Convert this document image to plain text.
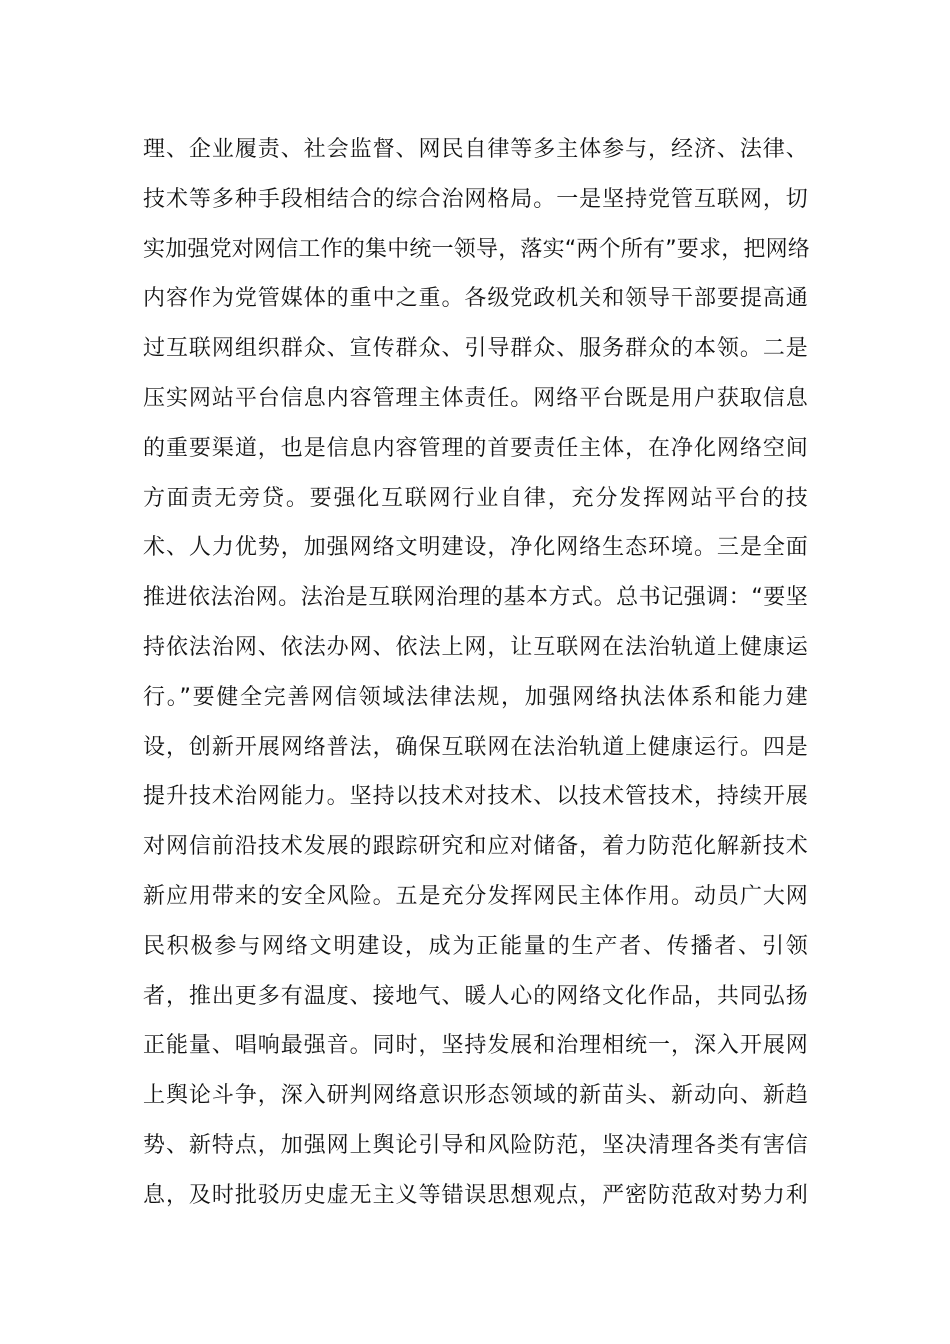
理、企业履责、社会监督、网民自律等多主体参与，经济、法律、
技术等多种手段相结合的综合治网格局。一是坚持党管互联网，切
实加强党对网信工作的集中统一领导，落实“两个所有”要求，把网络
内容作为党管媒体的重中之重。各级党政机关和领导干部要提高通
过互联网组织群众、宣传群众、引导群众、服务群众的本领。二是
压实网站平台信息内容管理主体责任。网络平台既是用户获取信息
的重要渠道，也是信息内容管理的首要责任主体，在净化网络空间
方面责无旁贷。要强化互联网行业自律，充分发挥网站平台的技
术、人力优势，加强网络文明建设，净化网络生态环境。三是全面
推进依法治网。法治是互联网治理的基本方式。总书记强调：“要坚
持依法治网、依法办网、依法上网，让互联网在法治轨道上健康运
行。”要健全完善网信领域法律法规，加强网络执法体系和能力建
设，创新开展网络普法，确保互联网在法治轨道上健康运行。四是
提升技术治网能力。坚持以技术对技术、以技术管技术，持续开展
对网信前沿技术发展的跟踪研究和应对储备，着力防范化解新技术
新应用带来的安全风险。五是充分发挥网民主体作用。动员广大网
民积极参与网络文明建设，成为正能量的生产者、传播者、引领
者，推出更多有温度、接地气、暖人心的网络文化作品，共同弘扬
正能量、唱响最强音。同时，坚持发展和治理相统一，深入开展网
上舆论斗争，深入研判网络意识形态领域的新苗头、新动向、新趋
势、新特点，加强网上舆论引导和风险防范，坚决清理各类有害信
息，及时批驳历史虚无主义等错误思想观点，严密防范敌对势力利
